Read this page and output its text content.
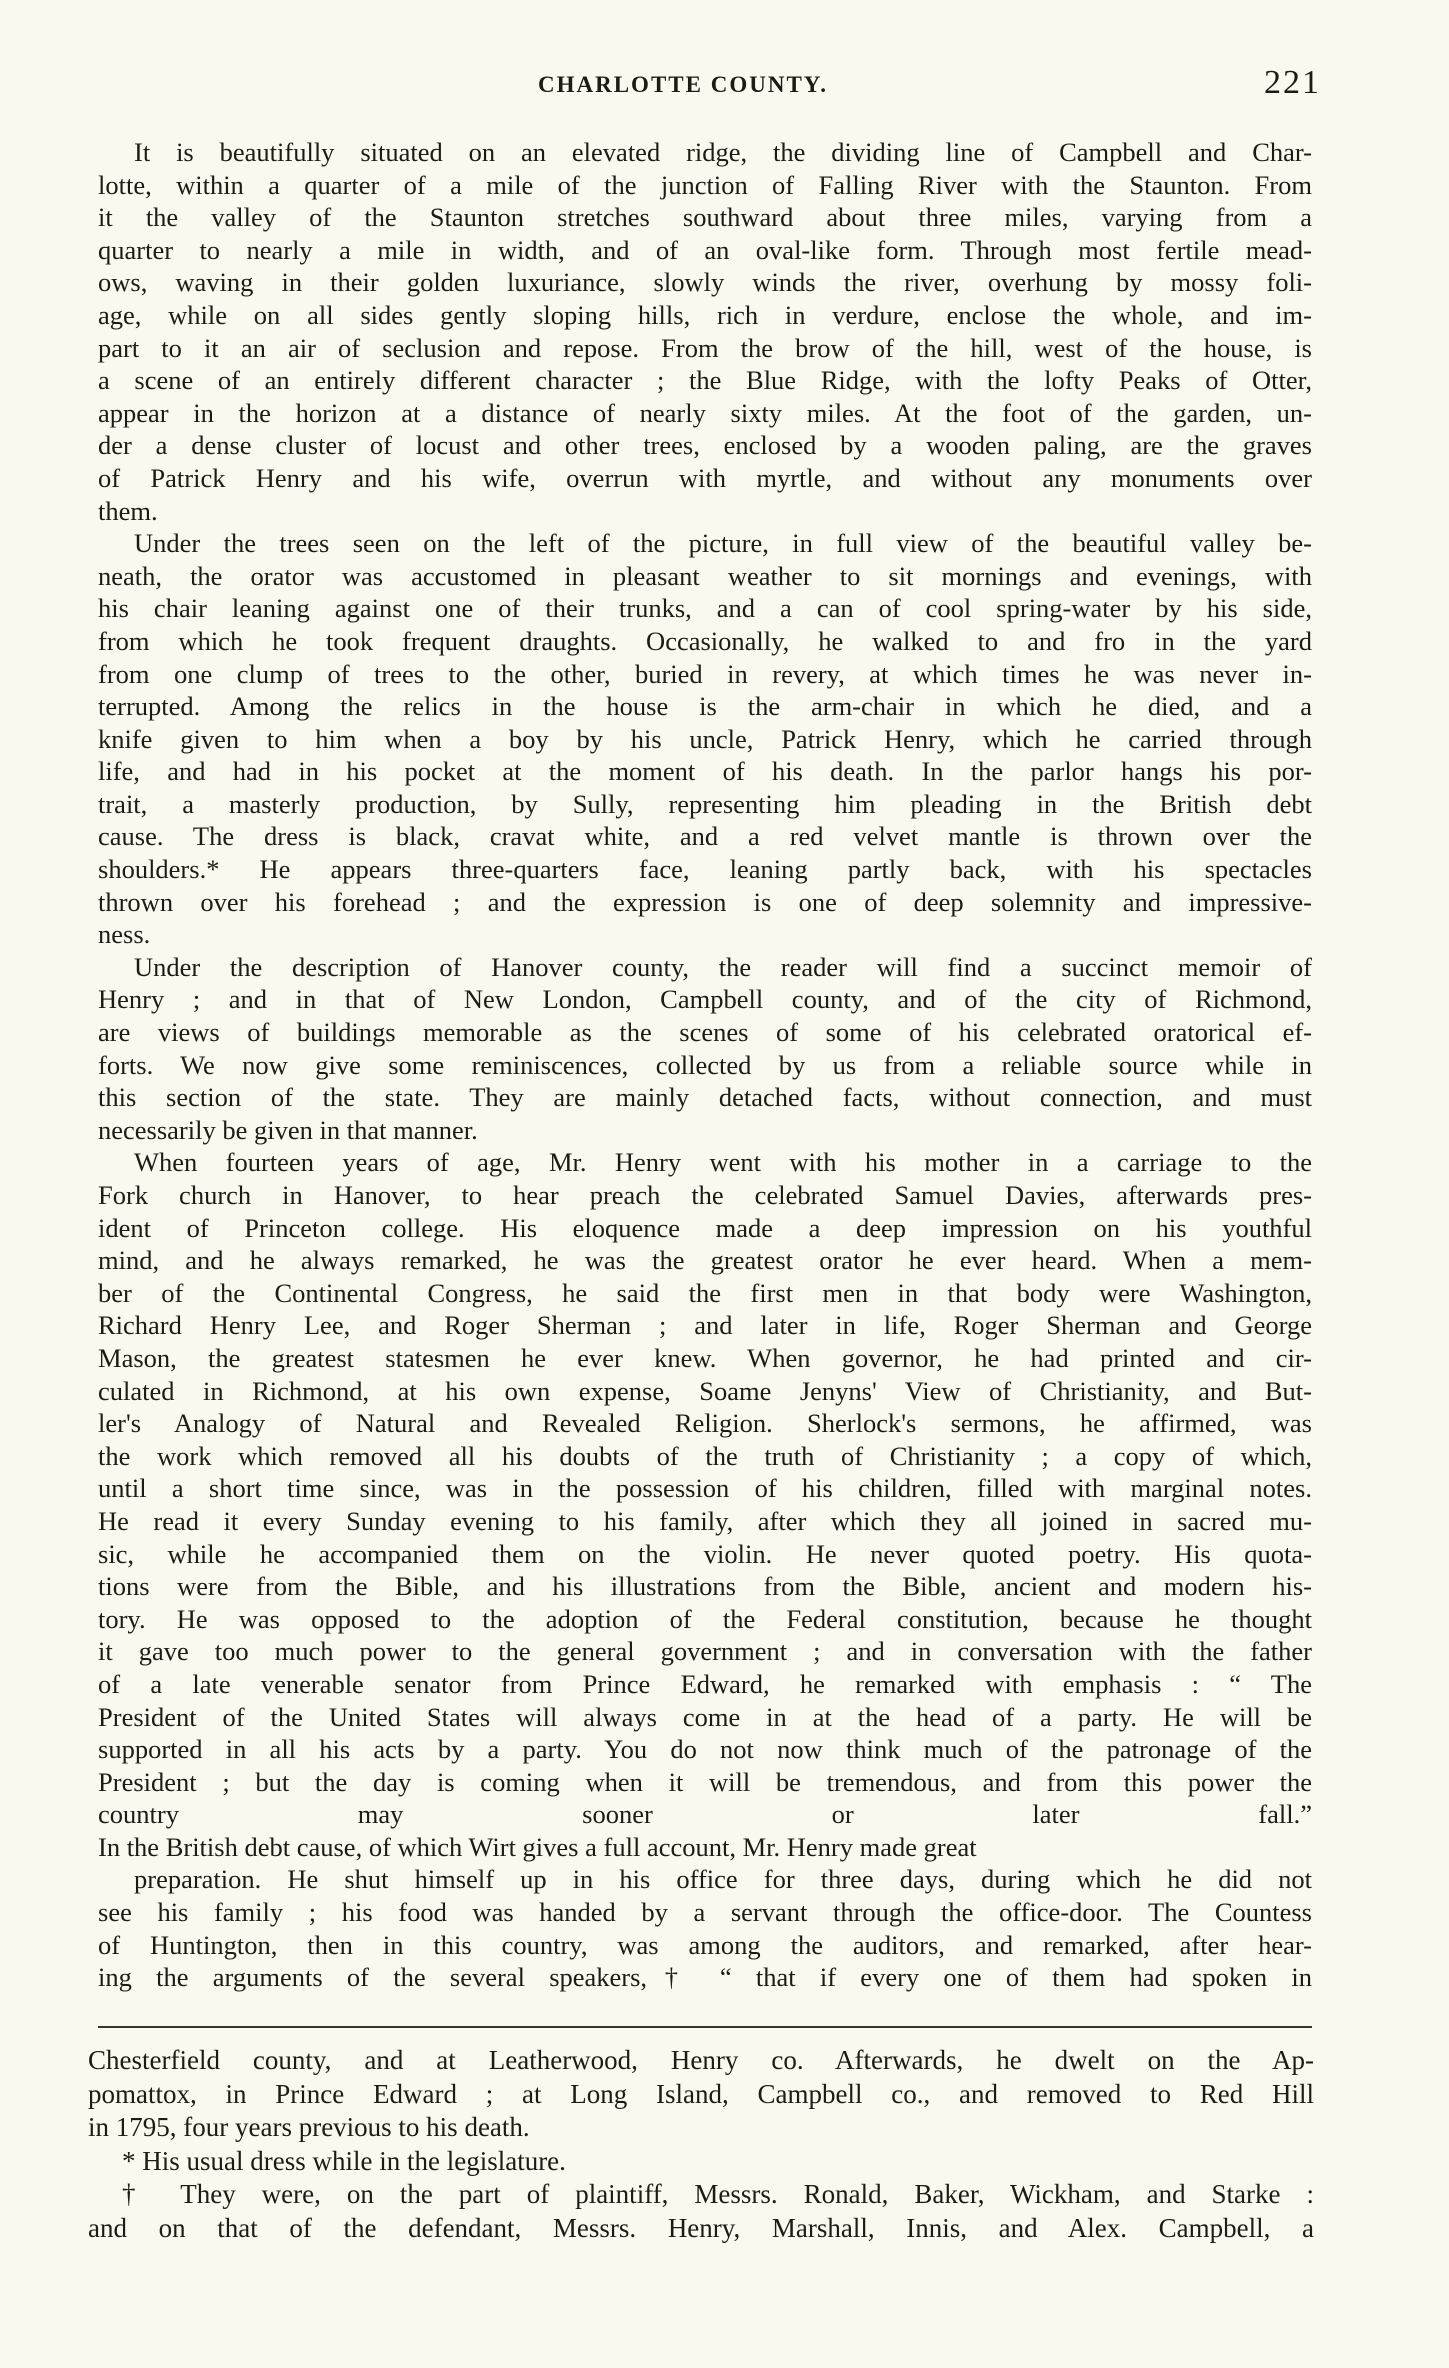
CHARLOTTE COUNTY.	221
It is beautifully situated on an elevated ridge, the dividing line of Campbell and Char-
lotte, within a quarter of a mile of the junction of Falling River with the Staunton. From
it the valley of the Staunton stretches southward about three miles, varying from a
quarter to nearly a mile in width, and of an oval-like form. Through most fertile mead-
ows, waving in their golden luxuriance, slowly winds the river, overhung by mossy foli-
age, while on all sides gently sloping hills, rich in verdure, enclose the whole, and im-
part to it an air of seclusion and repose. From the brow of the hill, west of the house, is
a scene of an entirely different character ; the Blue Ridge, with the lofty Peaks of Otter,
appear in the horizon at a distance of nearly sixty miles. At the foot of the garden, un-
der a dense cluster of locust and other trees, enclosed by a wooden paling, are the graves
of Patrick Henry and his wife, overrun with myrtle, and without any monuments over
them.
Under the trees seen on the left of the picture, in full view of the beautiful valley be-
neath, the orator was accustomed in pleasant weather to sit mornings and evenings, with
his chair leaning against one of their trunks, and a can of cool spring-water by his side,
from which he took frequent draughts. Occasionally, he walked to and fro in the yard
from one clump of trees to the other, buried in revery, at which times he was never in-
terrupted. Among the relics in the house is the arm-chair in which he died, and a
knife given to him when a boy by his uncle, Patrick Henry, which he carried through
life, and had in his pocket at the moment of his death. In the parlor hangs his por-
trait, a masterly production, by Sully, representing him pleading in the British debt
cause. The dress is black, cravat white, and a red velvet mantle is thrown over the
shoulders.* He appears three-quarters face, leaning partly back, with his spectacles
thrown over his forehead ; and the expression is one of deep solemnity and impressive-
ness.
Under the description of Hanover county, the reader will find a succinct memoir of
Henry ; and in that of New London, Campbell county, and of the city of Richmond,
are views of buildings memorable as the scenes of some of his celebrated oratorical ef-
forts. We now give some reminiscences, collected by us from a reliable source while in
this section of the state. They are mainly detached facts, without connection, and must
necessarily be given in that manner.
When fourteen years of age, Mr. Henry went with his mother in a carriage to the
Fork church in Hanover, to hear preach the celebrated Samuel Davies, afterwards pres-
ident of Princeton college. His eloquence made a deep impression on his youthful
mind, and he always remarked, he was the greatest orator he ever heard. When a mem-
ber of the Continental Congress, he said the first men in that body were Washington,
Richard Henry Lee, and Roger Sherman ; and later in life, Roger Sherman and George
Mason, the greatest statesmen he ever knew. When governor, he had printed and cir-
culated in Richmond, at his own expense, Soame Jenyns' View of Christianity, and But-
ler's Analogy of Natural and Revealed Religion. Sherlock's sermons, he affirmed, was
the work which removed all his doubts of the truth of Christianity ; a copy of which,
until a short time since, was in the possession of his children, filled with marginal notes.
He read it every Sunday evening to his family, after which they all joined in sacred mu-
sic, while he accompanied them on the violin. He never quoted poetry. His quota-
tions were from the Bible, and his illustrations from the Bible, ancient and modern his-
tory. He was opposed to the adoption of the Federal constitution, because he thought
it gave too much power to the general government ; and in conversation with the father
of a late venerable senator from Prince Edward, he remarked with emphasis : “ The
President of the United States will always come in at the head of a party. He will be
supported in all his acts by a party. You do not now think much of the patronage of the
President ; but the day is coming when it will be tremendous, and from this power the
country may sooner or later fall.”
In the British debt cause, of which Wirt gives a full account, Mr. Henry made great
preparation. He shut himself up in his office for three days, during which he did not
see his family ; his food was handed by a servant through the office-door. The Countess
of Huntington, then in this country, was among the auditors, and remarked, after hear-
ing the arguments of the several speakers,† “ that if every one of them had spoken in
Chesterfield county, and at Leatherwood, Henry co. Afterwards, he dwelt on the Ap-
pomattox, in Prince Edward ; at Long Island, Campbell co., and removed to Red Hill
in 1795, four years previous to his death.
* His usual dress while in the legislature.
† They were, on the part of plaintiff, Messrs. Ronald, Baker, Wickham, and Starke :
and on that of the defendant, Messrs. Henry, Marshall, Innis, and Alex. Campbell, a
